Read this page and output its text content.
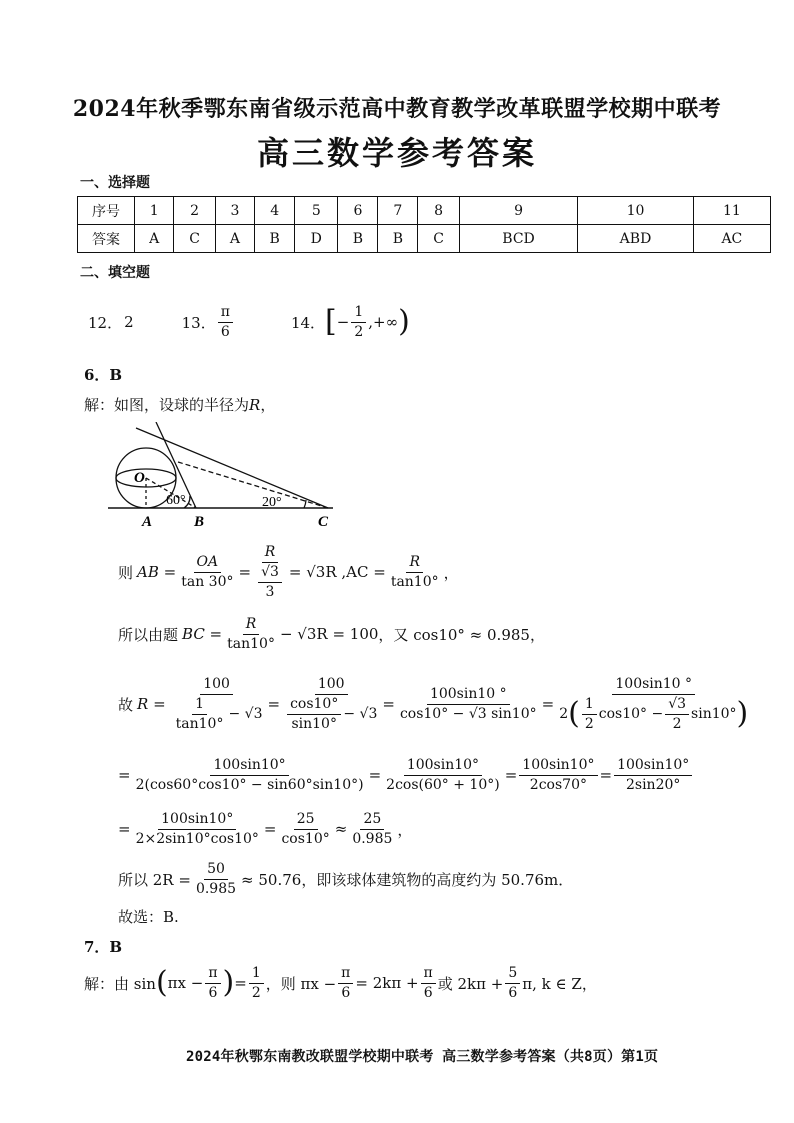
2024年秋季鄂东南省级示范高中教育教学改革联盟学校期中联考
高三数学参考答案
一、选择题
序号	1	2	3	4	5	6	7	8	9	10	11
答案	A	C	A	B	D	B	B	C	BCD	ABD	AC
二、填空题
12． 2	13． $\frac{\pi}{6}$	14． [ − $\frac{1}{2}$ ,+∞ )
6．B
解：如图，设球的半径为R，
O
60°	20°
A	B	C
则 AB = $\frac{OA}{\tan 30^\circ} = \frac{R}{\frac{√3}{3}} = √3R$ $,AC = \frac{R}{\tan 10^\circ}$ ，
所以由题 BC = $\frac{R}{\tan 10^\circ} - √3R = 100$ ，又 cos10° ≈ 0.985，
故 $R = \frac{100}{\frac{1}{\tan 10^\circ} - √3} = \frac{100}{\frac{\cos 10^\circ}{\sin 10^\circ} - √3} = \frac{100\sin 10 ^\circ}{\cos 10^\circ - √3 \sin 10^\circ}$ =
100sin10 °
2 ( $\frac{1}{2} \cos 10^\circ - \frac{√3}{2} \sin 10^\circ$ )
= $\frac{100\sin 10^\circ}{2(\cos 60^\circ\cos 10^\circ - \sin 60^\circ\sin 10^\circ)} = \frac{100\sin 10^\circ}{2\cos(60^\circ + 10^\circ)} = \frac{100\sin 10^\circ}{2\cos 70^\circ} = \frac{100\sin 10^\circ}{2\sin 20^\circ}$
= $\frac{100\sin 10^\circ}{2\times 2\sin 10^\circ\cos 10^\circ} = \frac{25}{\cos 10^\circ} \approx \frac{25}{0.985}$ ，
所以 $2R = \frac{50}{0.985} \approx 50.76$，即该球体建筑物的高度约为 50.76m．
故选：B.
7．B
解：由 sin ( $\pi x - \frac{\pi}{6}$ ) = $\frac{1}{2}$ ，则 $\pi x - \frac{\pi}{6} = 2k\pi + \frac{\pi}{6}$ 或 $2k\pi + \frac{5}{6} \pi$, k ∈ Z，
2024年秋鄂东南教改联盟学校期中联考 高三数学参考答案（共8页）第1页
